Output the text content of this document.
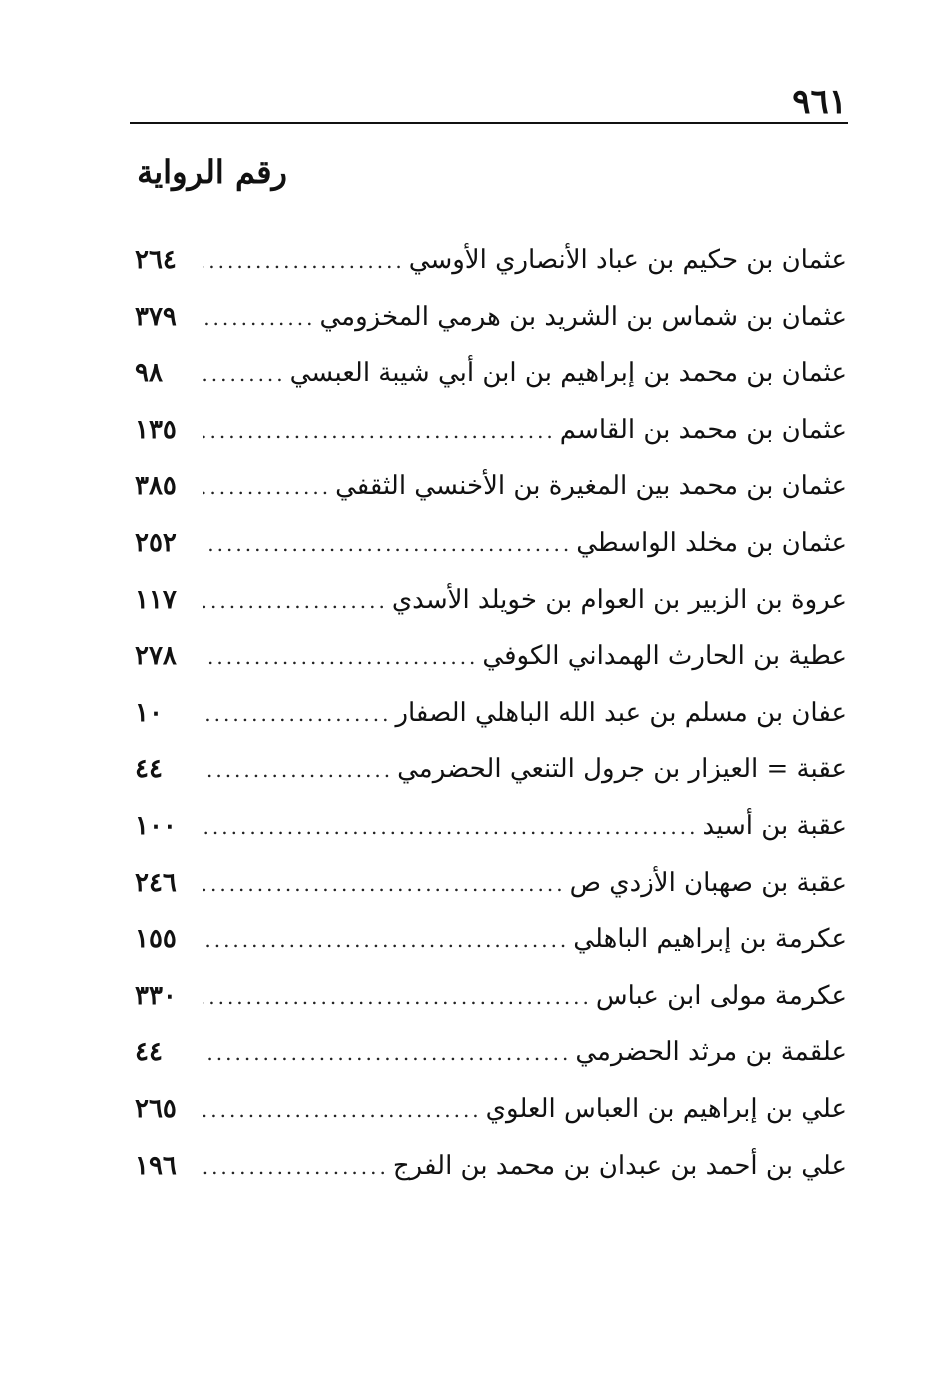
٩٦١
رقم الرواية
عثمان بن حكيم بن عباد الأنصاري الأوسي
.....
٢٦٤
عثمان بن شماس بن الشريد بن هرمي المخزومي
.....
٣٧٩
عثمان بن محمد بن إبراهيم بن ابن أبي شيبة العبسي
.....
٩٨
عثمان بن محمد بن القاسم
.....
١٣٥
عثمان بن محمد بين المغيرة بن الأخنسي الثقفي
.....
٣٨٥
عثمان بن مخلد الواسطي
.....
٢٥٢
عروة بن الزبير بن العوام بن خويلد الأسدي
.....
١١٧
عطية بن الحارث الهمداني الكوفي
.....
٢٧٨
عفان بن مسلم بن عبد الله الباهلي الصفار
.....
١٠
عقبة = العيزار بن جرول التنعي الحضرمي
.....
٤٤
عقبة بن أسيد
.....
١٠٠
عقبة بن صهبان الأزدي ص
.....
٢٤٦
عكرمة بن إبراهيم الباهلي
.....
١٥٥
عكرمة مولى ابن عباس
.....
٣٣٠
علقمة بن مرثد الحضرمي
.....
٤٤
علي بن إبراهيم بن العباس العلوي
.....
٢٦٥
علي بن أحمد بن عبدان بن محمد بن الفرج
.....
١٩٦
